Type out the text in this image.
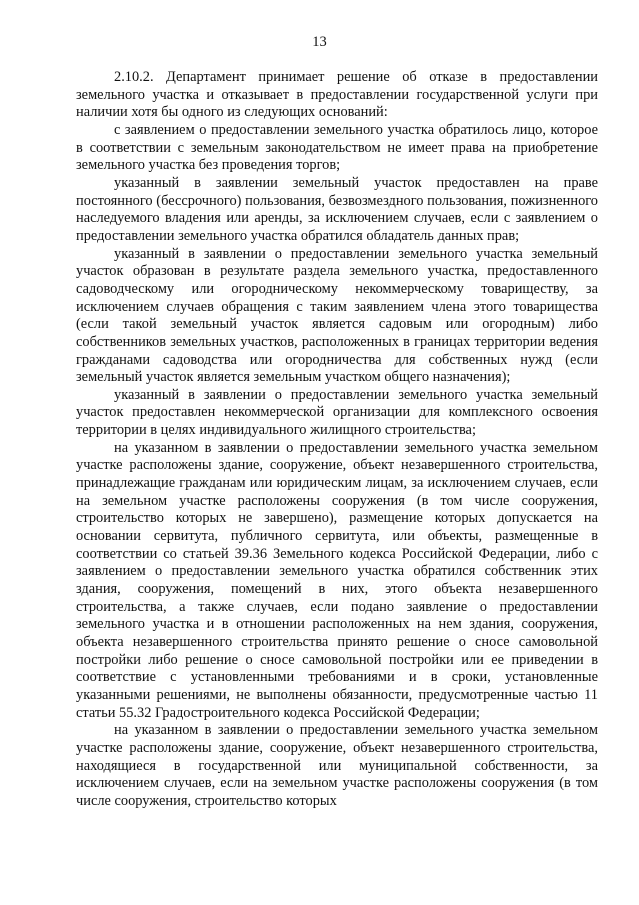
13

2.10.2. Департамент принимает решение об отказе в предоставлении земельного участка и отказывает в предоставлении государственной услуги при наличии хотя бы одного из следующих оснований:

с заявлением о предоставлении земельного участка обратилось лицо, которое в соответствии с земельным законодательством не имеет права на приобретение земельного участка без проведения торгов;

указанный в заявлении земельный участок предоставлен на праве постоянного (бессрочного) пользования, безвозмездного пользования, пожизненного наследуемого владения или аренды, за исключением случаев, если с заявлением о предоставлении земельного участка обратился обладатель данных прав;

указанный в заявлении о предоставлении земельного участка земельный участок образован в результате раздела земельного участка, предоставленного садоводческому или огородническому некоммерческому товариществу, за исключением случаев обращения с таким заявлением члена этого товарищества (если такой земельный участок является садовым или огородным) либо собственников земельных участков, расположенных в границах территории ведения гражданами садоводства или огородничества для собственных нужд (если земельный участок является земельным участком общего назначения);

указанный в заявлении о предоставлении земельного участка земельный участок предоставлен некоммерческой организации для комплексного освоения территории в целях индивидуального жилищного строительства;

на указанном в заявлении о предоставлении земельного участка земельном участке расположены здание, сооружение, объект незавершенного строительства, принадлежащие гражданам или юридическим лицам, за исключением случаев, если на земельном участке расположены сооружения (в том числе сооружения, строительство которых не завершено), размещение которых допускается на основании сервитута, публичного сервитута, или объекты, размещенные в соответствии со статьей 39.36 Земельного кодекса Российской Федерации, либо с заявлением о предоставлении земельного участка обратился собственник этих здания, сооружения, помещений в них, этого объекта незавершенного строительства, а также случаев, если подано заявление о предоставлении земельного участка и в отношении расположенных на нем здания, сооружения, объекта незавершенного строительства принято решение о сносе самовольной постройки либо решение о сносе самовольной постройки или ее приведении в соответствие с установленными требованиями и в сроки, установленные указанными решениями, не выполнены обязанности, предусмотренные частью 11 статьи 55.32 Градостроительного кодекса Российской Федерации;

на указанном в заявлении о предоставлении земельного участка земельном участке расположены здание, сооружение, объект незавершенного строительства, находящиеся в государственной или муниципальной собственности, за исключением случаев, если на земельном участке расположены сооружения (в том числе сооружения, строительство которых
